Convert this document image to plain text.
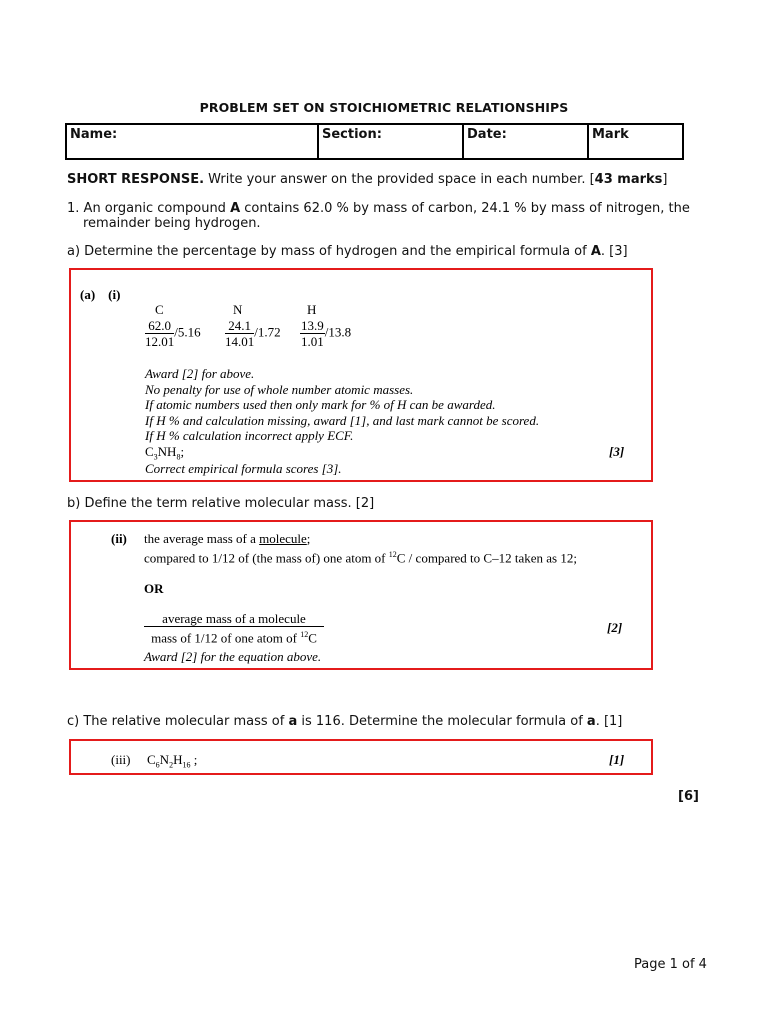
PROBLEM SET ON STOICHIOMETRIC RELATIONSHIPS
Name:	Section:	Date:	Mark
SHORT RESPONSE. Write your answer on the provided space in each number. [43 marks]
1. An organic compound A contains 62.0 % by mass of carbon, 24.1 % by mass of nitrogen, the
remainder being hydrogen.
a) Determine the percentage by mass of hydrogen and the empirical formula of A. [3]
(a) (i)
C	N	H
$\frac{62.0}{12.01} /5.16 \frac{24.1}{14.01} /1.72 \frac{13.9}{1.01} /13.8$
Award [2] for above.
No penalty for use of whole number atomic masses.
If atomic numbers used then only mark for % of H can be awarded.
If H % and calculation missing, award [1], and last mark cannot be scored.
If H % calculation incorrect apply ECF.
$C_3NH_8$;	[3]
Correct empirical formula scores [3].
b) Define the term relative molecular mass. [2]
(ii) the average mass of a molecule;
compared to 1/12 of (the mass of) one atom of $^{12}$C / compared to C–12 taken as 12;
OR
$\frac{\text{average mass of a molecule}}{mass of 1/12 of one atom of ^{12}C}$	[2]
Award [2] for the equation above.
c) The relative molecular mass of a is 116. Determine the molecular formula of a. [1]
(iii) $C_6N_2H_{16}$ ;	[1]
[6]
Page 1 of 4
